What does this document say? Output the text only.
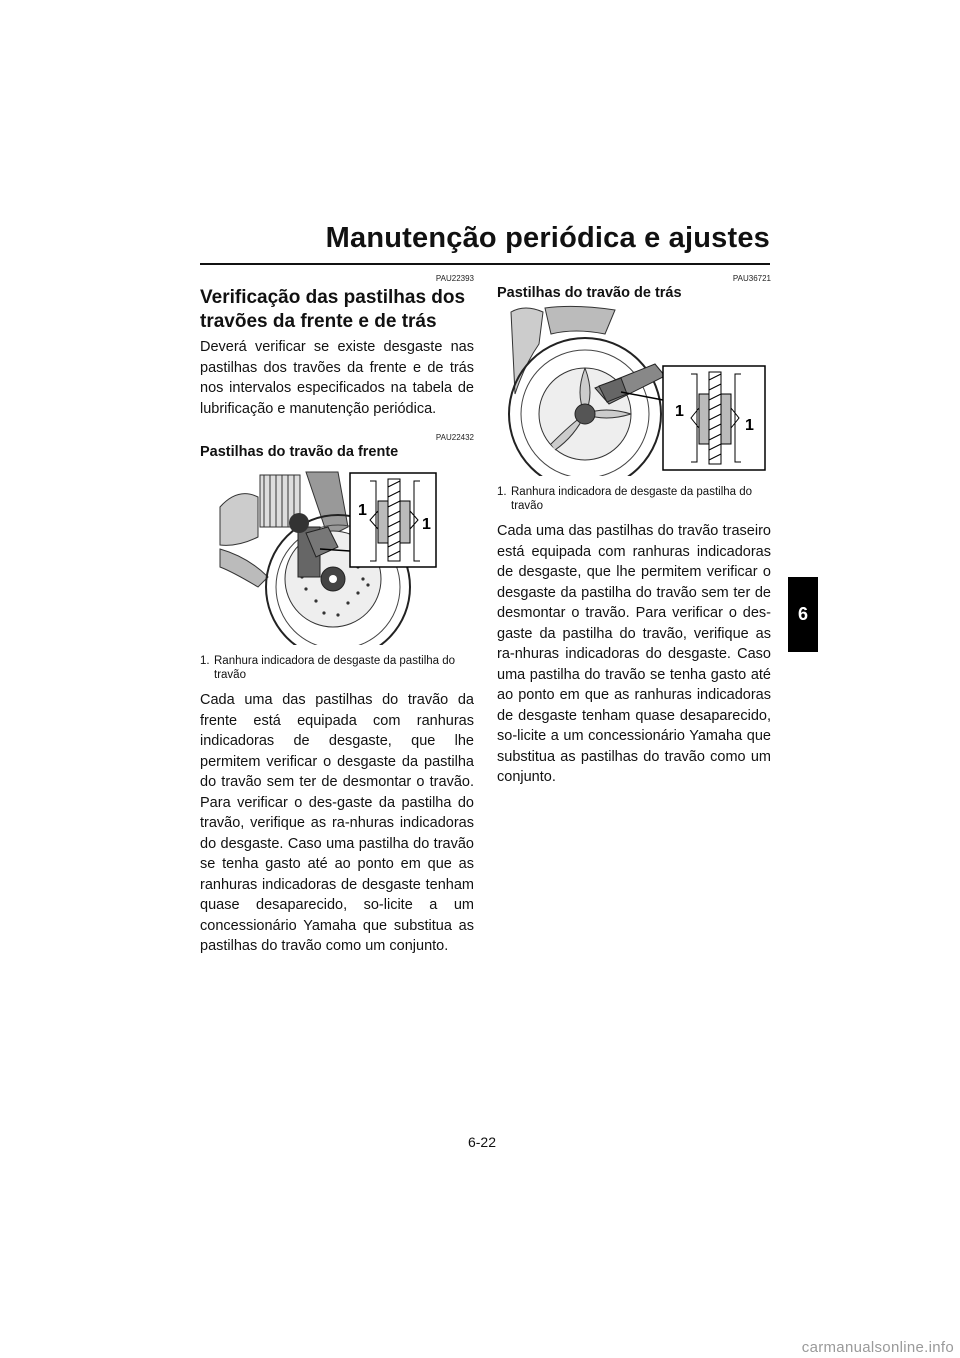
Manutenção periódica e ajustes
6
PAU22393
Verificação das pastilhas dos travões da frente e de trás

Deverá verificar se existe desgaste nas pastilhas dos travões da frente e de trás nos intervalos especificados na tabela de lubrificação e manutenção periódica.

PAU22432
Pastilhas do travão da frente
1
1
1. Ranhura indicadora de desgaste da pastilha do travão

Cada uma das pastilhas do travão da frente está equipada com ranhuras indicadoras de desgaste, que lhe permitem verificar o desgaste da pastilha do travão sem ter de desmontar o travão. Para verificar o des-gaste da pastilha do travão, verifique as ra-nhuras indicadoras do desgaste. Caso uma pastilha do travão se tenha gasto até ao ponto em que as ranhuras indicadoras de desgaste tenham quase desaparecido, so-licite a um concessionário Yamaha que substitua as pastilhas do travão como um conjunto.

PAU36721
Pastilhas do travão de trás
1
1
1. Ranhura indicadora de desgaste da pastilha do travão

Cada uma das pastilhas do travão traseiro está equipada com ranhuras indicadoras de desgaste, que lhe permitem verificar o desgaste da pastilha do travão sem ter de desmontar o travão. Para verificar o des-gaste da pastilha do travão, verifique as ra-nhuras indicadoras do desgaste. Caso uma pastilha do travão se tenha gasto até ao ponto em que as ranhuras indicadoras de desgaste tenham quase desaparecido, so-licite a um concessionário Yamaha que substitua as pastilhas do travão como um conjunto.

6-22
carmanualsonline.info
